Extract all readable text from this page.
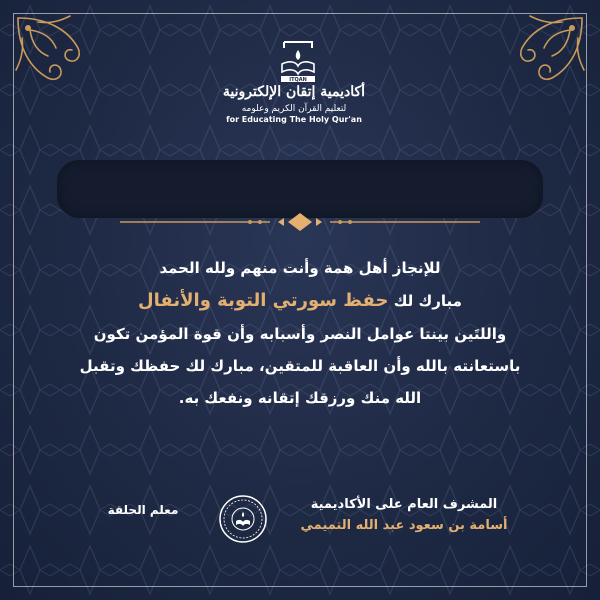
ITQAN
أكاديمية إتقان الإلكترونية
لتعليم القرآن الكريم وعلومه
for Educating The Holy Qur'an
للإنجاز أهل همة وأنت منهم ولله الحمد
مبارك لك حفظ سورتي التوبة والأنفال
واللتَين بينتا عوامل النصر وأسبابه وأن قوة المؤمن تكون
باستعانته بالله وأن العاقبة للمتقين، مبارك لك حفظك وتقبل
الله منك ورزقك إتقانه ونفعك به.
المشرف العام على الأكاديمية
أسامة بن سعود عبد الله التميمي
معلم الحلقة
